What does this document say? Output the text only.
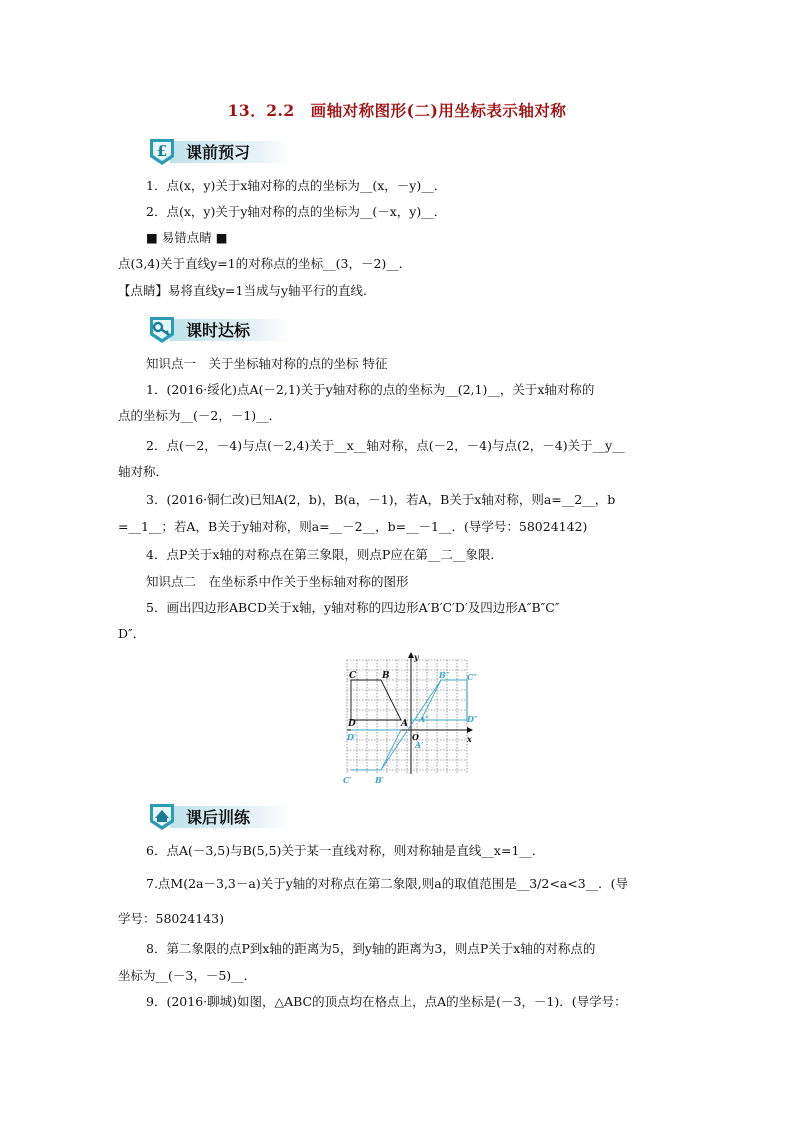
13．2.2　画轴对称图形(二)用坐标表示轴对称
£ 课前预习
1．点(x，y)关于x轴对称的点的坐标为__(x，－y)__．
2．点(x，y)关于y轴对称的点的坐标为__(－x，y)__．
■ 易错点睛 ■
点(3,4)关于直线y=1的对称点的坐标__(3，－2)__．
【点睛】易将直线y=1当成与y轴平行的直线．
课时达标
知识点一　关于坐标轴对称的点的坐标 特征
1．(2016·绥化)点A(－2,1)关于y轴对称的点的坐标为__(2,1)__，关于x轴对称的
点的坐标为__(－2，－1)__．
2．点(－2，－4)与点(－2,4)关于__x__轴对称，点(－2，－4)与点(2，－4)关于__y__
轴对称．
3．(2016·铜仁改)已知A(2，b)，B(a，－1)，若A，B关于x轴对称，则a=__2__，b
=__1__；若A，B关于y轴对称，则a=__－2__，b=__－1__．(导学号：58024142)
4．点P关于x轴的对称点在第三象限，则点P应在第__二__象限．
知识点二　在坐标系中作关于坐标轴对称的图形
5．画出四边形ABCD关于x轴，y轴对称的四边形A′B′C′D′及四边形A″B″C″
D″．
C	B
D	A
O	x
y
C′	B′
D′
A′
C″
D″
A″
B″
课后训练
6．点A(－3,5)与B(5,5)关于某一直线对称，则对称轴是直线__x=1__．
7.点M(2a－3,3－a)关于y轴的对称点在第二象限,则a的取值范围是__3/2<a<3__．(导
学号：58024143)
8．第二象限的点P到x轴的距离为5，到y轴的距离为3，则点P关于x轴的对称点的
坐标为__(－3，－5)__．
9．(2016·聊城)如图，△ABC的顶点均在格点上，点A的坐标是(－3，－1)．(导学号：
